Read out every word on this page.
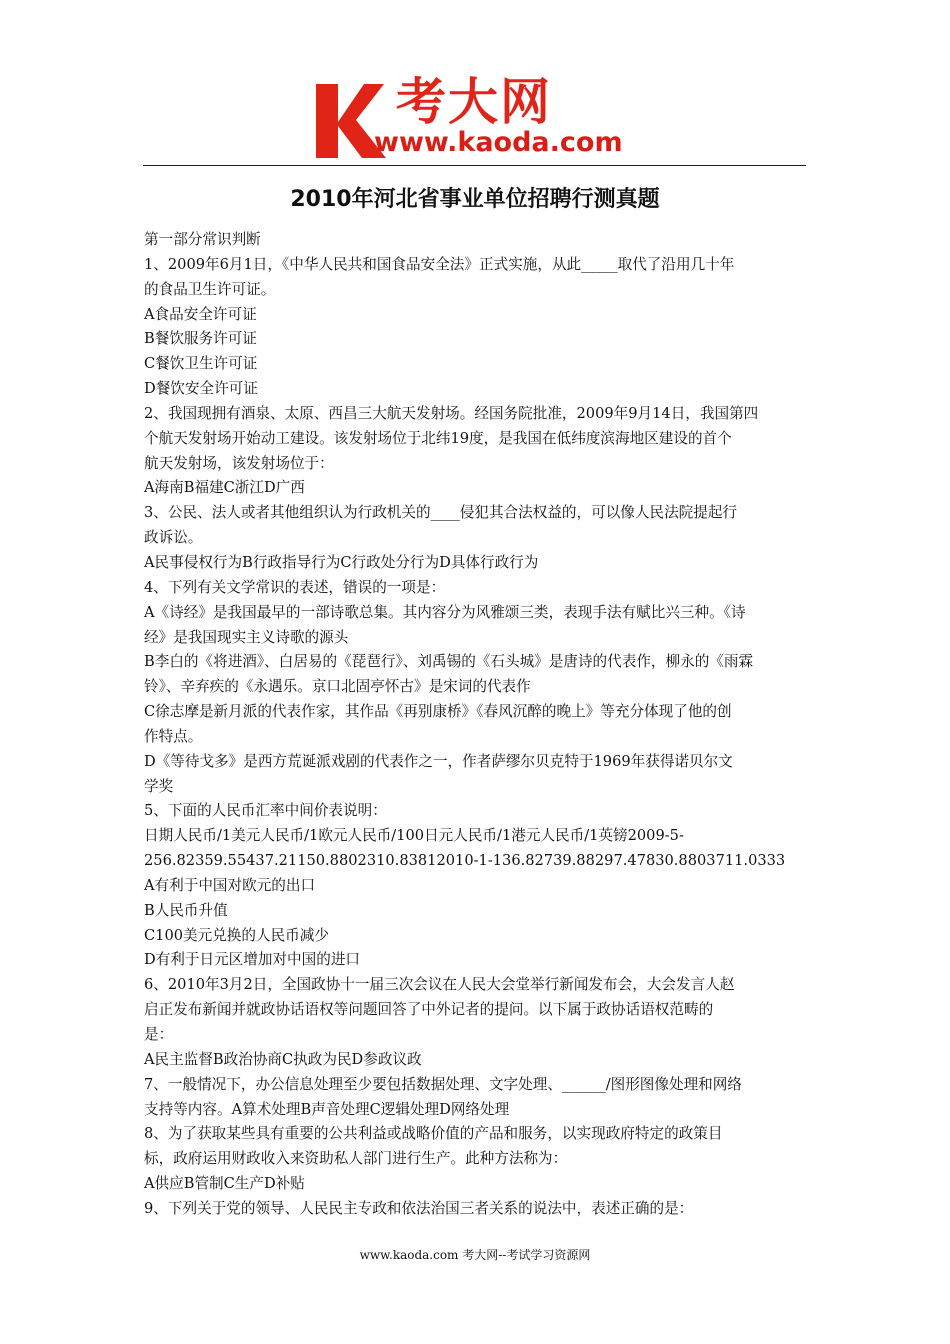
考大网
www.kaoda.com
2010年河北省事业单位招聘行测真题
第一部分常识判断
1、2009年6月1日，《中华人民共和国食品安全法》正式实施，从此_____取代了沿用几十年
的食品卫生许可证。
A食品安全许可证
B餐饮服务许可证
C餐饮卫生许可证
D餐饮安全许可证
2、我国现拥有酒泉、太原、西昌三大航天发射场。经国务院批准，2009年9月14日，我国第四
个航天发射场开始动工建设。该发射场位于北纬19度，是我国在低纬度滨海地区建设的首个
航天发射场，该发射场位于：
A海南B福建C浙江D广西
3、公民、法人或者其他组织认为行政机关的____侵犯其合法权益的，可以像人民法院提起行
政诉讼。
A民事侵权行为B行政指导行为C行政处分行为D具体行政行为
4、下列有关文学常识的表述，错误的一项是：
A《诗经》是我国最早的一部诗歌总集。其内容分为风雅颂三类，表现手法有赋比兴三种。《诗
经》是我国现实主义诗歌的源头
B李白的《将进酒》、白居易的《琵琶行》、刘禹锡的《石头城》是唐诗的代表作，柳永的《雨霖
铃》、辛弃疾的《永遇乐。京口北固亭怀古》是宋词的代表作
C徐志摩是新月派的代表作家，其作品《再别康桥》《春风沉醉的晚上》等充分体现了他的创
作特点。
D《等待戈多》是西方荒诞派戏剧的代表作之一，作者萨缪尔贝克特于1969年获得诺贝尔文
学奖
5、下面的人民币汇率中间价表说明：
日期人民币/1美元人民币/1欧元人民币/100日元人民币/1港元人民币/1英镑2009-5-
256.82359.55437.21150.8802310.83812010-1-136.82739.88297.47830.8803711.0333
A有利于中国对欧元的出口
B人民币升值
C100美元兑换的人民币减少
D有利于日元区增加对中国的进口
6、2010年3月2日，全国政协十一届三次会议在人民大会堂举行新闻发布会，大会发言人赵
启正发布新闻并就政协话语权等问题回答了中外记者的提问。以下属于政协话语权范畴的
是：
A民主监督B政治协商C执政为民D参政议政
7、一般情况下，办公信息处理至少要包括数据处理、文字处理、______/图形图像处理和网络
支持等内容。A算术处理B声音处理C逻辑处理D网络处理
8、为了获取某些具有重要的公共利益或战略价值的产品和服务，以实现政府特定的政策目
标，政府运用财政收入来资助私人部门进行生产。此种方法称为：
A供应B管制C生产D补贴
9、下列关于党的领导、人民民主专政和依法治国三者关系的说法中，表述正确的是：
www.kaoda.com 考大网--考试学习资源网
